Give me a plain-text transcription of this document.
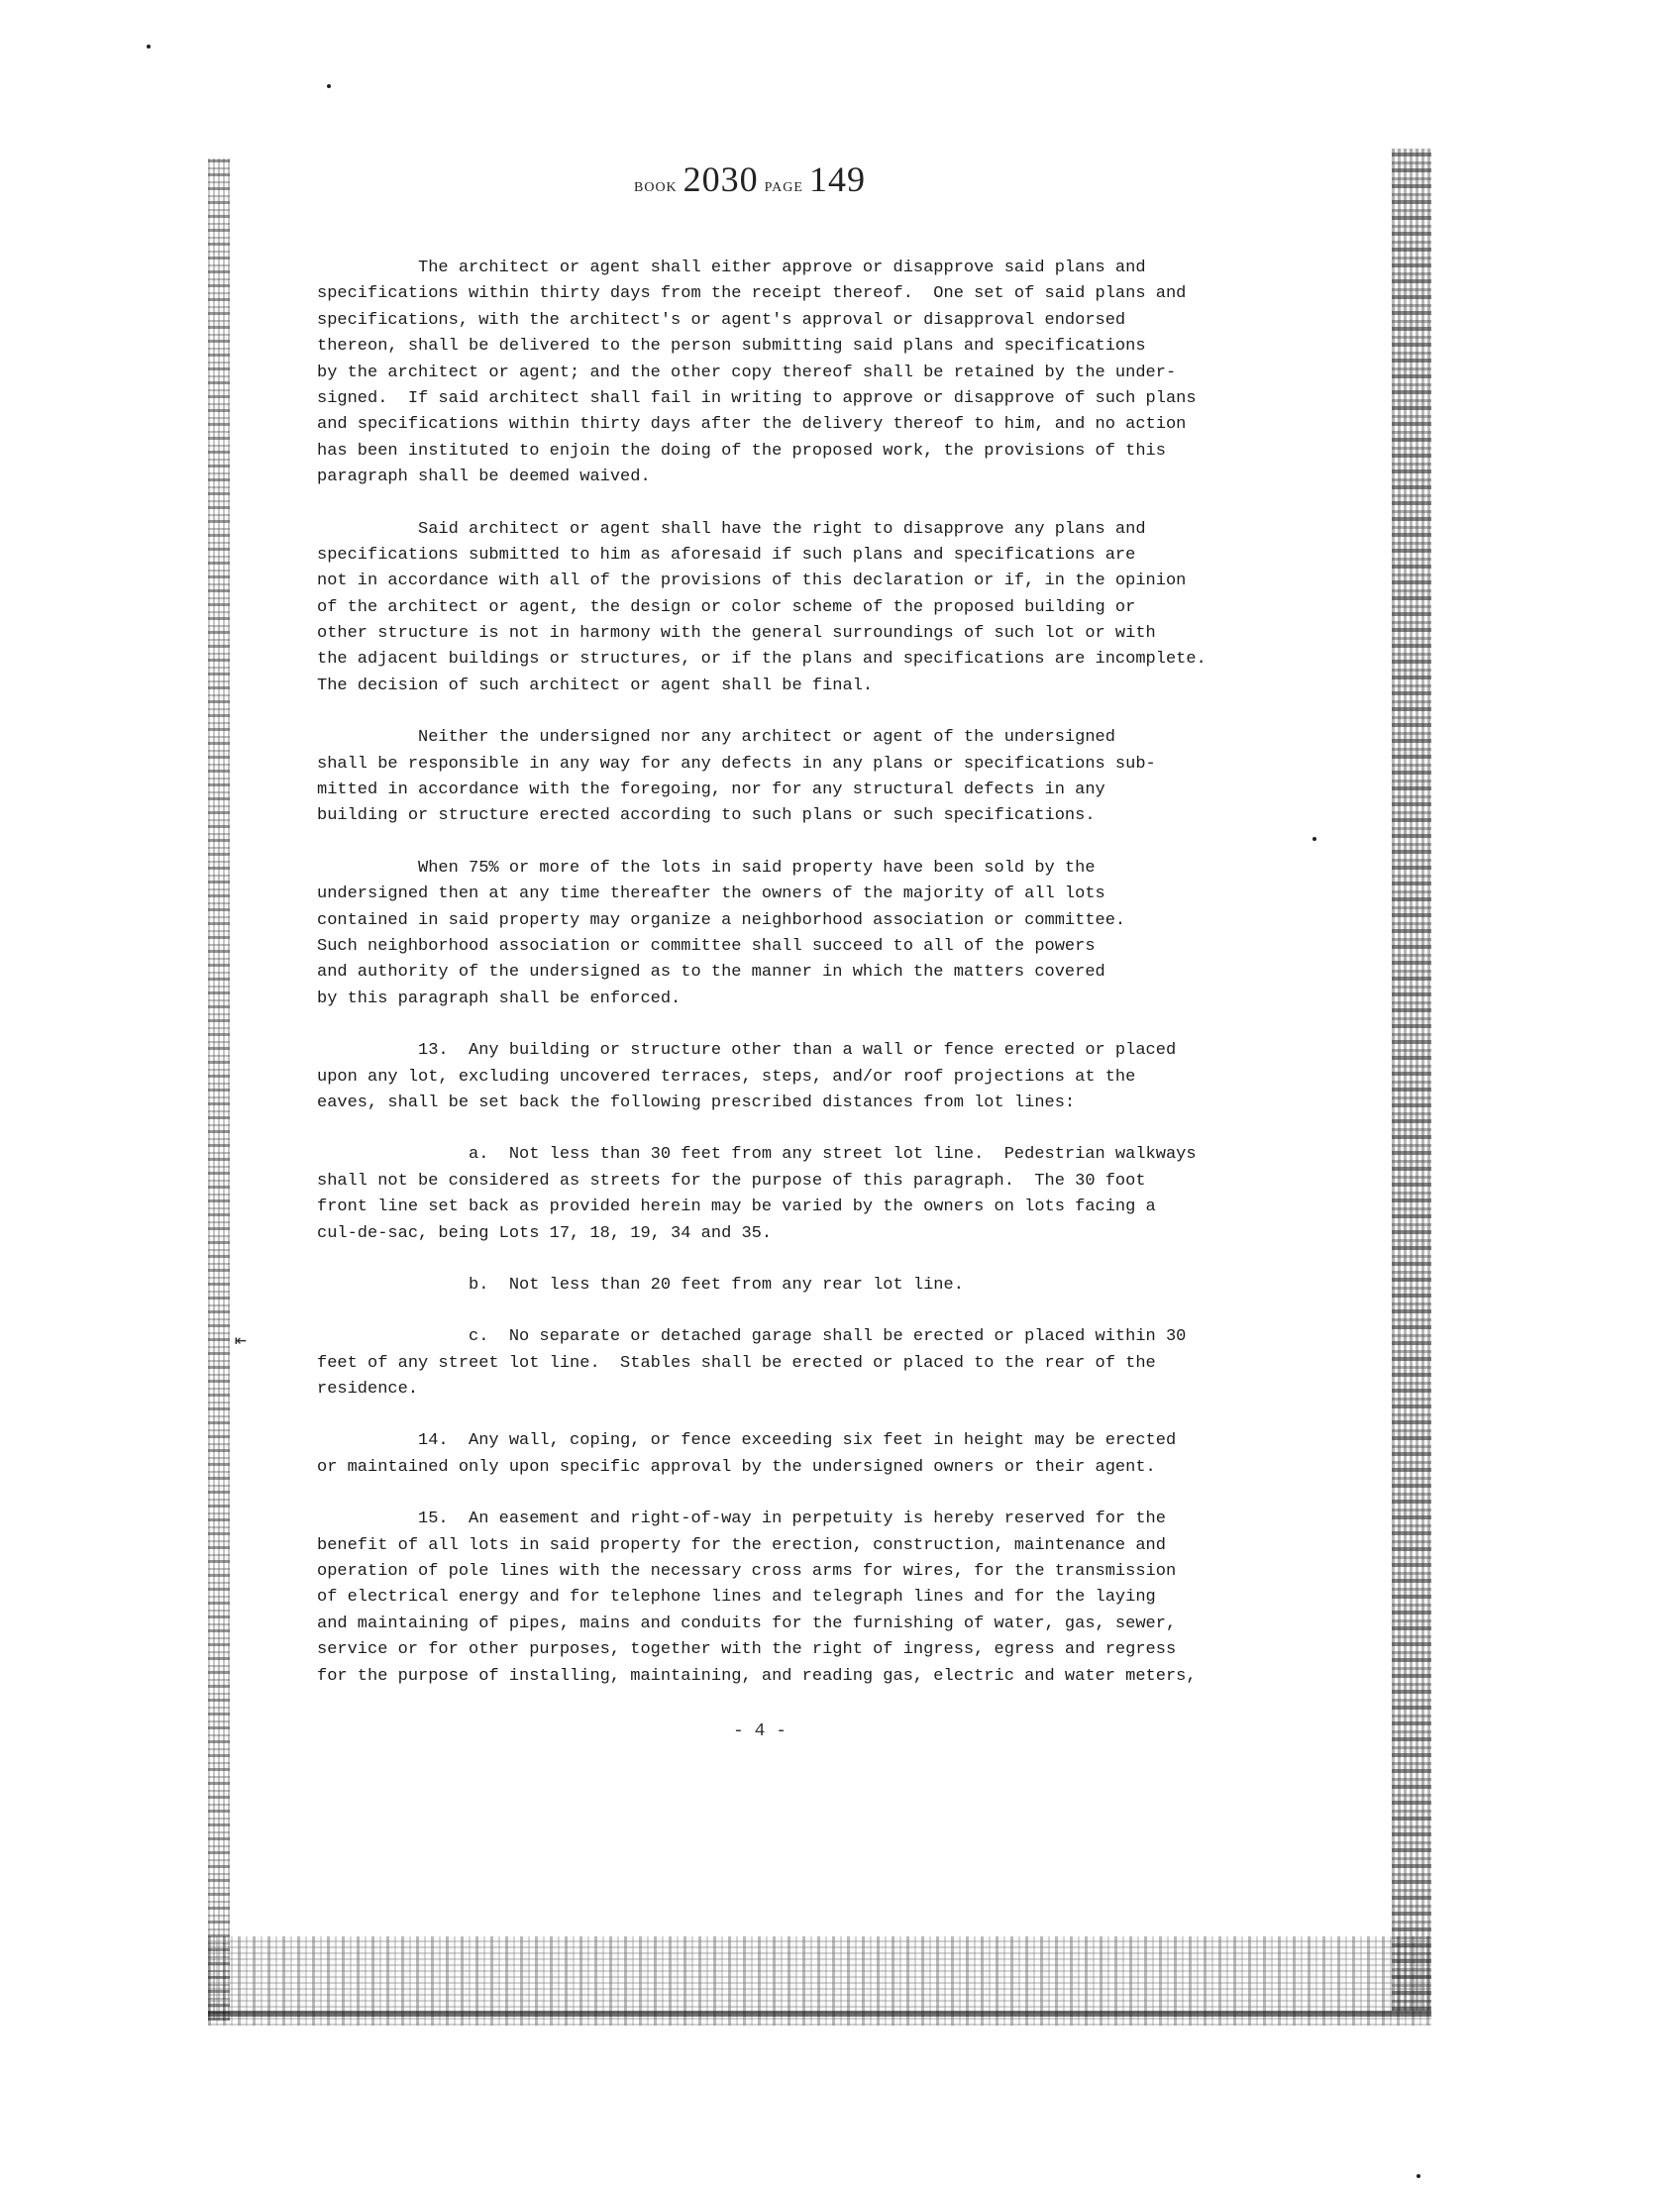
⇤
BOOK 2030 PAGE 149
The architect or agent shall either approve or disapprove said plans and
specifications within thirty days from the receipt thereof.  One set of said plans and
specifications, with the architect's or agent's approval or disapproval endorsed
thereon, shall be delivered to the person submitting said plans and specifications
by the architect or agent; and the other copy thereof shall be retained by the under-
signed.  If said architect shall fail in writing to approve or disapprove of such plans
and specifications within thirty days after the delivery thereof to him, and no action
has been instituted to enjoin the doing of the proposed work, the provisions of this
paragraph shall be deemed waived.
Said architect or agent shall have the right to disapprove any plans and
specifications submitted to him as aforesaid if such plans and specifications are
not in accordance with all of the provisions of this declaration or if, in the opinion
of the architect or agent, the design or color scheme of the proposed building or
other structure is not in harmony with the general surroundings of such lot or with
the adjacent buildings or structures, or if the plans and specifications are incomplete.
The decision of such architect or agent shall be final.
Neither the undersigned nor any architect or agent of the undersigned
shall be responsible in any way for any defects in any plans or specifications sub-
mitted in accordance with the foregoing, nor for any structural defects in any
building or structure erected according to such plans or such specifications.
When 75% or more of the lots in said property have been sold by the
undersigned then at any time thereafter the owners of the majority of all lots
contained in said property may organize a neighborhood association or committee.
Such neighborhood association or committee shall succeed to all of the powers
and authority of the undersigned as to the manner in which the matters covered
by this paragraph shall be enforced.
13.  Any building or structure other than a wall or fence erected or placed
upon any lot, excluding uncovered terraces, steps, and/or roof projections at the
eaves, shall be set back the following prescribed distances from lot lines:
a.  Not less than 30 feet from any street lot line.  Pedestrian walkways
shall not be considered as streets for the purpose of this paragraph.  The 30 foot
front line set back as provided herein may be varied by the owners on lots facing a
cul-de-sac, being Lots 17, 18, 19, 34 and 35.
b.  Not less than 20 feet from any rear lot line.
c.  No separate or detached garage shall be erected or placed within 30
feet of any street lot line.  Stables shall be erected or placed to the rear of the
residence.
14.  Any wall, coping, or fence exceeding six feet in height may be erected
or maintained only upon specific approval by the undersigned owners or their agent.
15.  An easement and right-of-way in perpetuity is hereby reserved for the
benefit of all lots in said property for the erection, construction, maintenance and
operation of pole lines with the necessary cross arms for wires, for the transmission
of electrical energy and for telephone lines and telegraph lines and for the laying
and maintaining of pipes, mains and conduits for the furnishing of water, gas, sewer,
service or for other purposes, together with the right of ingress, egress and regress
for the purpose of installing, maintaining, and reading gas, electric and water meters,
- 4 -
